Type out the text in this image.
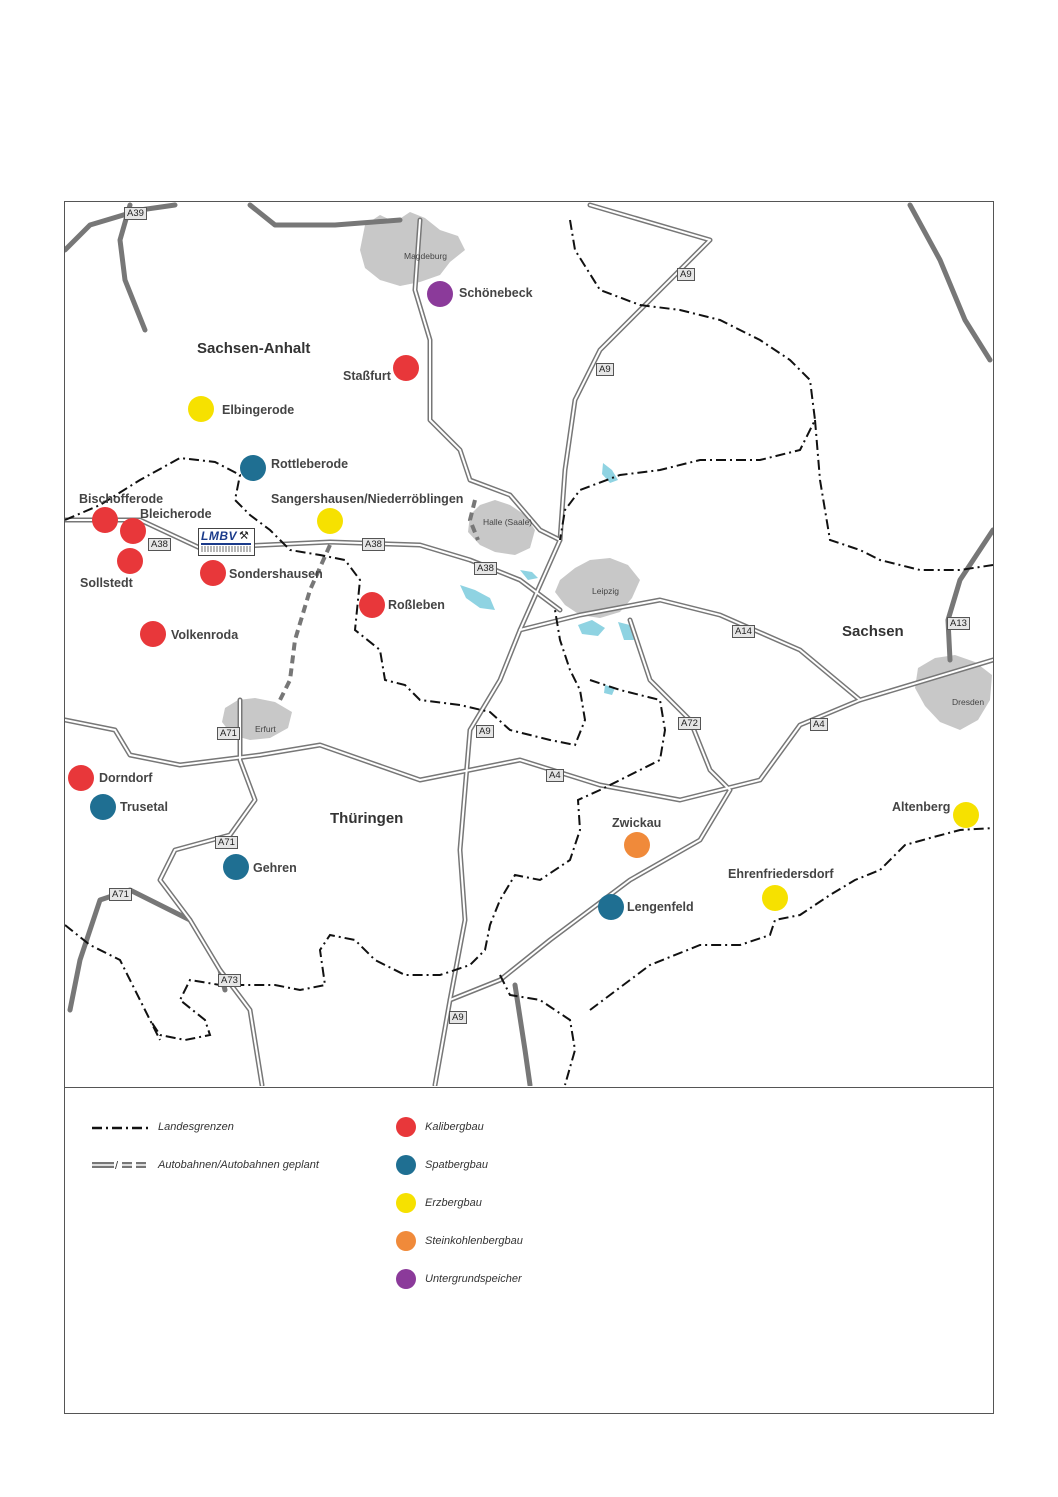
Sachsen-Anhalt
Sachsen
Thüringen
Magdeburg
Halle (Saale)
Leipzig
Erfurt
Dresden
A39
A9
A9
A38	A38
A38
A14
A13
A72	A4
A4
A9
A71
A71
A71
A73
A9
LMBV ⚒
Schönebeck
Staßfurt
Elbingerode
Rottleberode
Sangershausen/Niederröblingen
Bischofferode
Bleicherode
Sollstedt
Sondershausen
Roßleben
Volkenroda
Dorndorf
Trusetal
Gehren
Zwickau
Lengenfeld
Ehrenfriedersdorf
Altenberg
/
Landesgrenzen
Autobahnen/Autobahnen geplant
Kalibergbau
Spatbergbau
Erzbergbau
Steinkohlenbergbau
Untergrundspeicher
